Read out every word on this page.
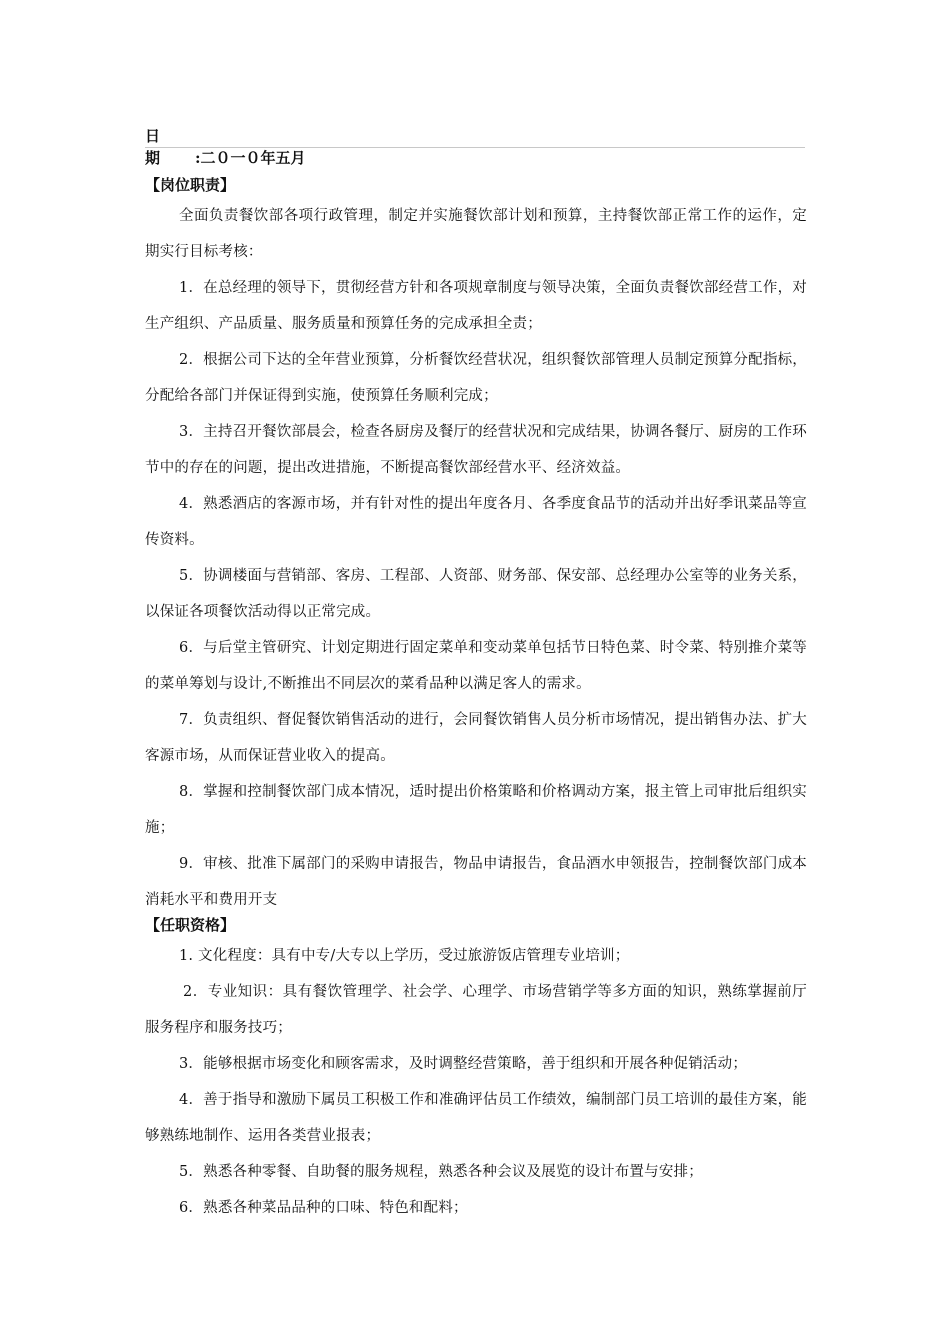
日期 :二０一０年五月

【岗位职责】

全面负责餐饮部各项行政管理，制定并实施餐饮部计划和预算，主持餐饮部正常工作的运作，定期实行目标考核：

1．在总经理的领导下，贯彻经营方针和各项规章制度与领导决策，全面负责餐饮部经营工作，对生产组织、产品质量、服务质量和预算任务的完成承担全责；

2．根据公司下达的全年营业预算，分析餐饮经营状况，组织餐饮部管理人员制定预算分配指标，分配给各部门并保证得到实施，使预算任务顺利完成；

3．主持召开餐饮部晨会，检查各厨房及餐厅的经营状况和完成结果，协调各餐厅、厨房的工作环节中的存在的问题，提出改进措施，不断提高餐饮部经营水平、经济效益。

4．熟悉酒店的客源市场，并有针对性的提出年度各月、各季度食品节的活动并出好季讯菜品等宣传资料。

5．协调楼面与营销部、客房、工程部、人资部、财务部、保安部、总经理办公室等的业务关系，以保证各项餐饮活动得以正常完成。

6．与后堂主管研究、计划定期进行固定菜单和变动菜单包括节日特色菜、时令菜、特别推介菜等的菜单筹划与设计,不断推出不同层次的菜肴品种以满足客人的需求。

7．负责组织、督促餐饮销售活动的进行，会同餐饮销售人员分析市场情况，提出销售办法、扩大客源市场，从而保证营业收入的提高。

8．掌握和控制餐饮部门成本情况，适时提出价格策略和价格调动方案，报主管上司审批后组织实施；

9．审核、批准下属部门的采购申请报告，物品申请报告，食品酒水申领报告，控制餐饮部门成本消耗水平和费用开支

【任职资格】

1. 文化程度：具有中专/大专以上学历，受过旅游饭店管理专业培训；

2．专业知识：具有餐饮管理学、社会学、心理学、市场营销学等多方面的知识，熟练掌握前厅服务程序和服务技巧；

3．能够根据市场变化和顾客需求，及时调整经营策略，善于组织和开展各种促销活动；

4．善于指导和激励下属员工积极工作和准确评估员工作绩效，编制部门员工培训的最佳方案，能够熟练地制作、运用各类营业报表；

5．熟悉各种零餐、自助餐的服务规程，熟悉各种会议及展览的设计布置与安排；

6．熟悉各种菜品品种的口味、特色和配料；
